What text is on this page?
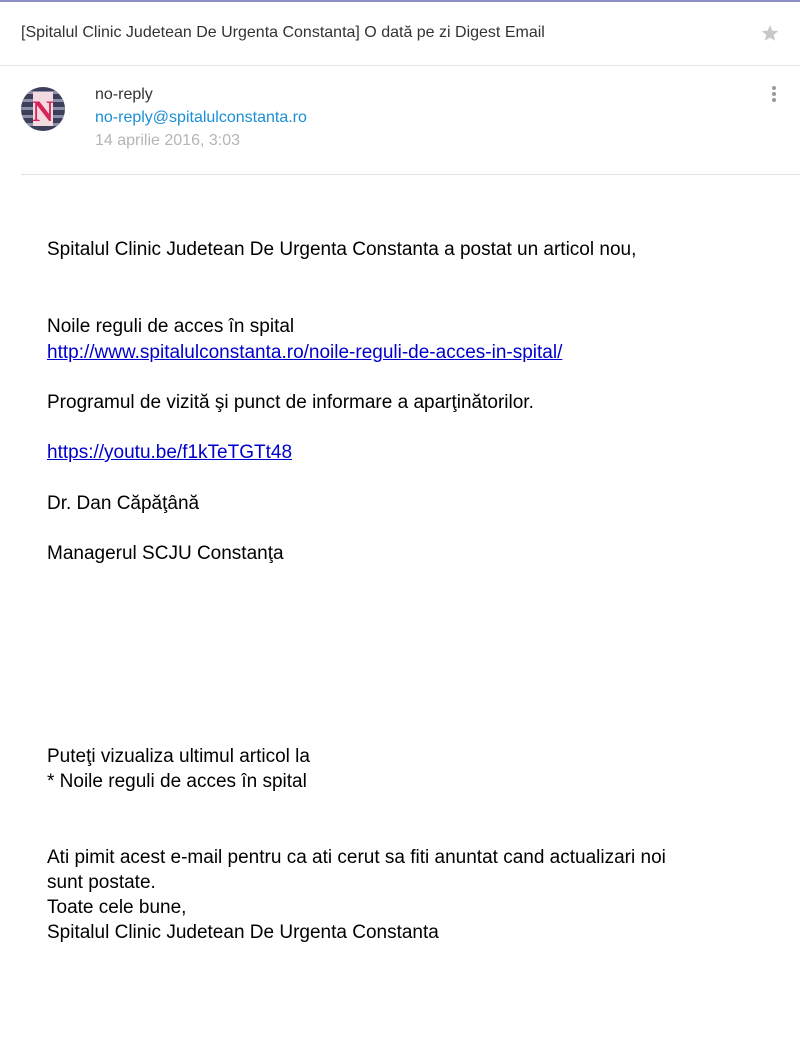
[Spitalul Clinic Judetean De Urgenta Constanta] O dată pe zi Digest Email
N
no-reply
no-reply@spitalulconstanta.ro
14 aprilie 2016, 3:03
Spitalul Clinic Judetean De Urgenta Constanta a postat un articol nou,
Noile reguli de acces în spital
http://www.spitalulconstanta.ro/noile-reguli-de-acces-in-spital/
Programul de vizită şi punct de informare a aparţinătorilor.
https://youtu.be/f1kTeTGTt48
Dr. Dan Căpăţână
Managerul SCJU Constanţa
Puteţi vizualiza ultimul articol la
* Noile reguli de acces în spital
Ati pimit acest e-mail pentru ca ati cerut sa fiti anuntat cand actualizari noi
sunt postate.
Toate cele bune,
Spitalul Clinic Judetean De Urgenta Constanta
